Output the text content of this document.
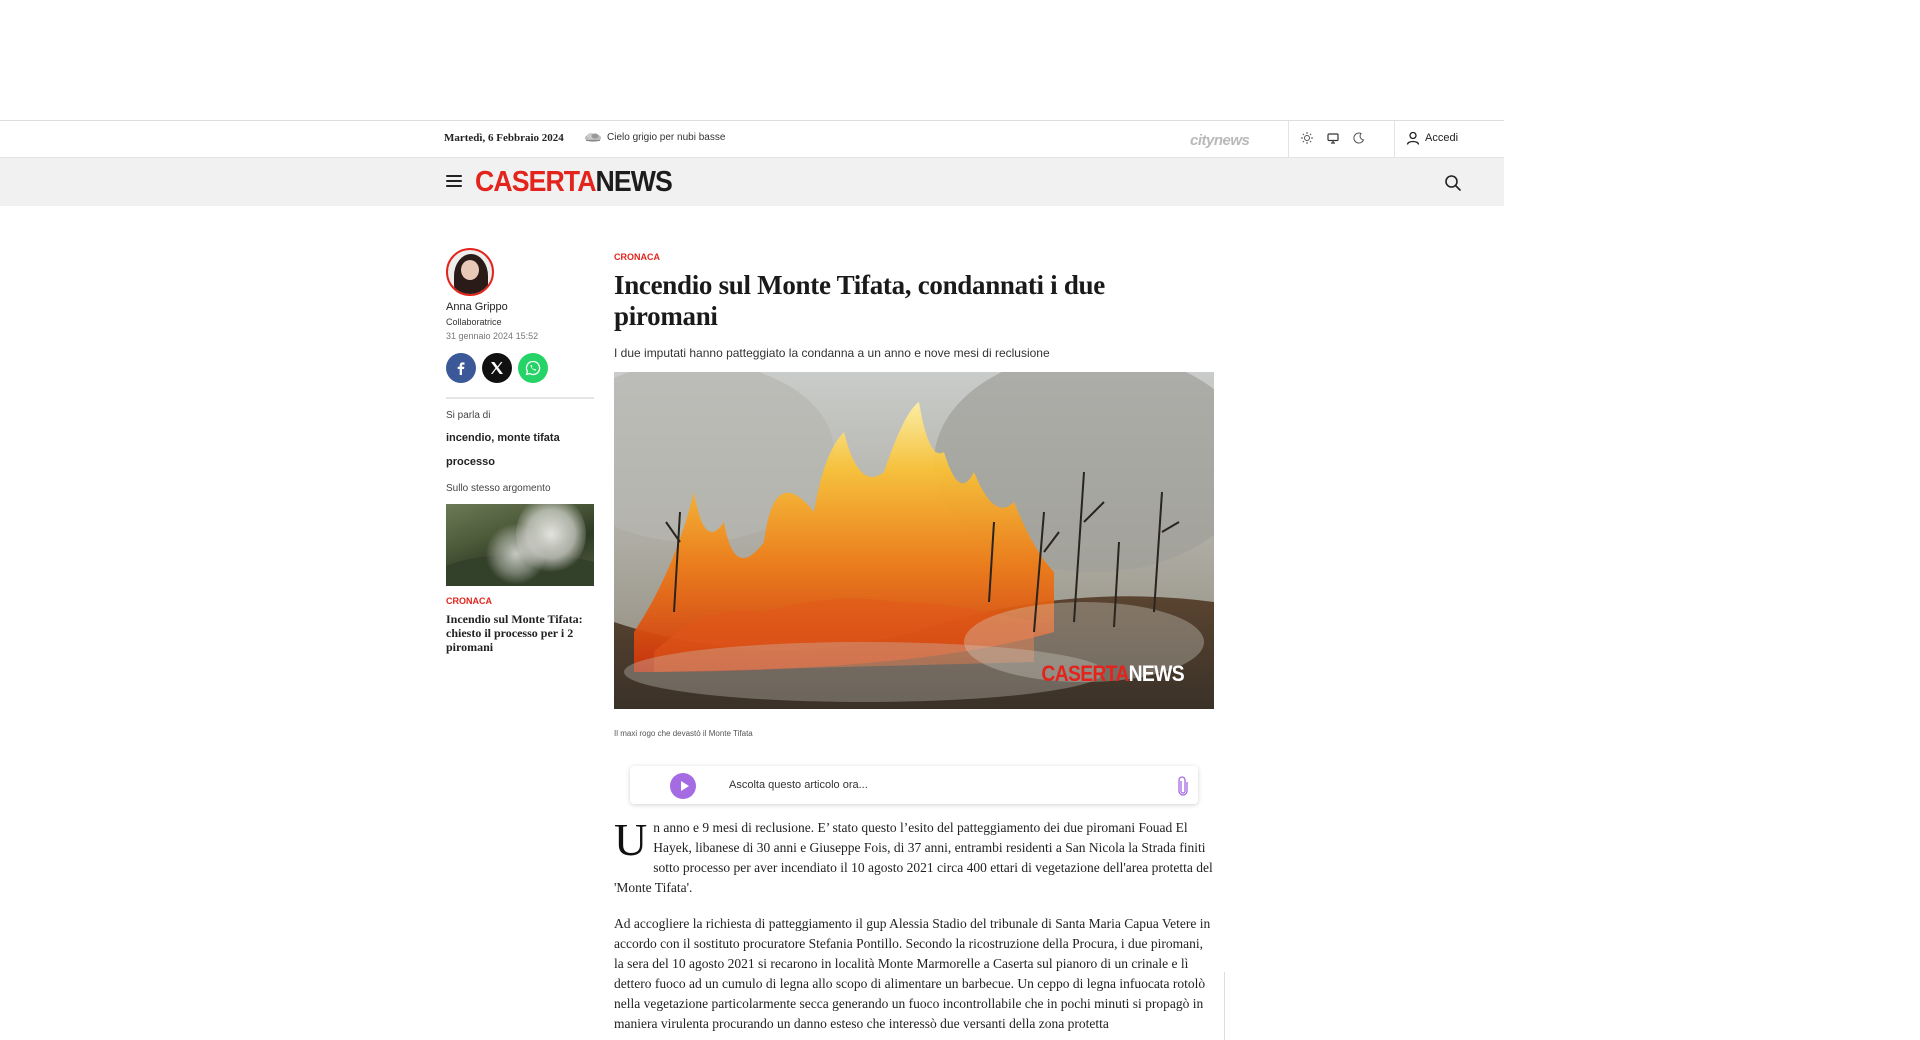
Martedì, 6 Febbraio 2024	Cielo grigio per nubi basse	citynews	Accedi
CASERTANEWS
Anna Grippo
Collaboratrice
31 gennaio 2024 15:52
Si parla di
incendio, monte tifata
processo
Sullo stesso argomento
CRONACA
Incendio sul Monte Tifata: chiesto il processo per i 2 piromani
CRONACA
Incendio sul Monte Tifata, condannati i due piromani
I due imputati hanno patteggiato la condanna a un anno e nove mesi di reclusione
CASERTANEWS
Il maxi rogo che devastò il Monte Tifata
Ascolta questo articolo ora...

Un anno e 9 mesi di reclusione. E’ stato questo l’esito del patteggiamento dei due piromani Fouad El Hayek, libanese di 30 anni e Giuseppe Fois, di 37 anni, entrambi residenti a San Nicola la Strada finiti sotto processo per aver incendiato il 10 agosto 2021 circa 400 ettari di vegetazione dell'area protetta del 'Monte Tifata'.

Ad accogliere la richiesta di patteggiamento il gup Alessia Stadio del tribunale di Santa Maria Capua Vetere in accordo con il sostituto procuratore Stefania Pontillo. Secondo la ricostruzione della Procura, i due piromani, la sera del 10 agosto 2021 si recarono in località Monte Marmorelle a Caserta sul pianoro di un crinale e lì dettero fuoco ad un cumulo di legna allo scopo di alimentare un barbecue. Un ceppo di legna infuocata rotolò nella vegetazione particolarmente secca generando un fuoco incontrollabile che in pochi minuti si propagò in maniera virulenta procurando un danno esteso che interessò due versanti della zona protetta
